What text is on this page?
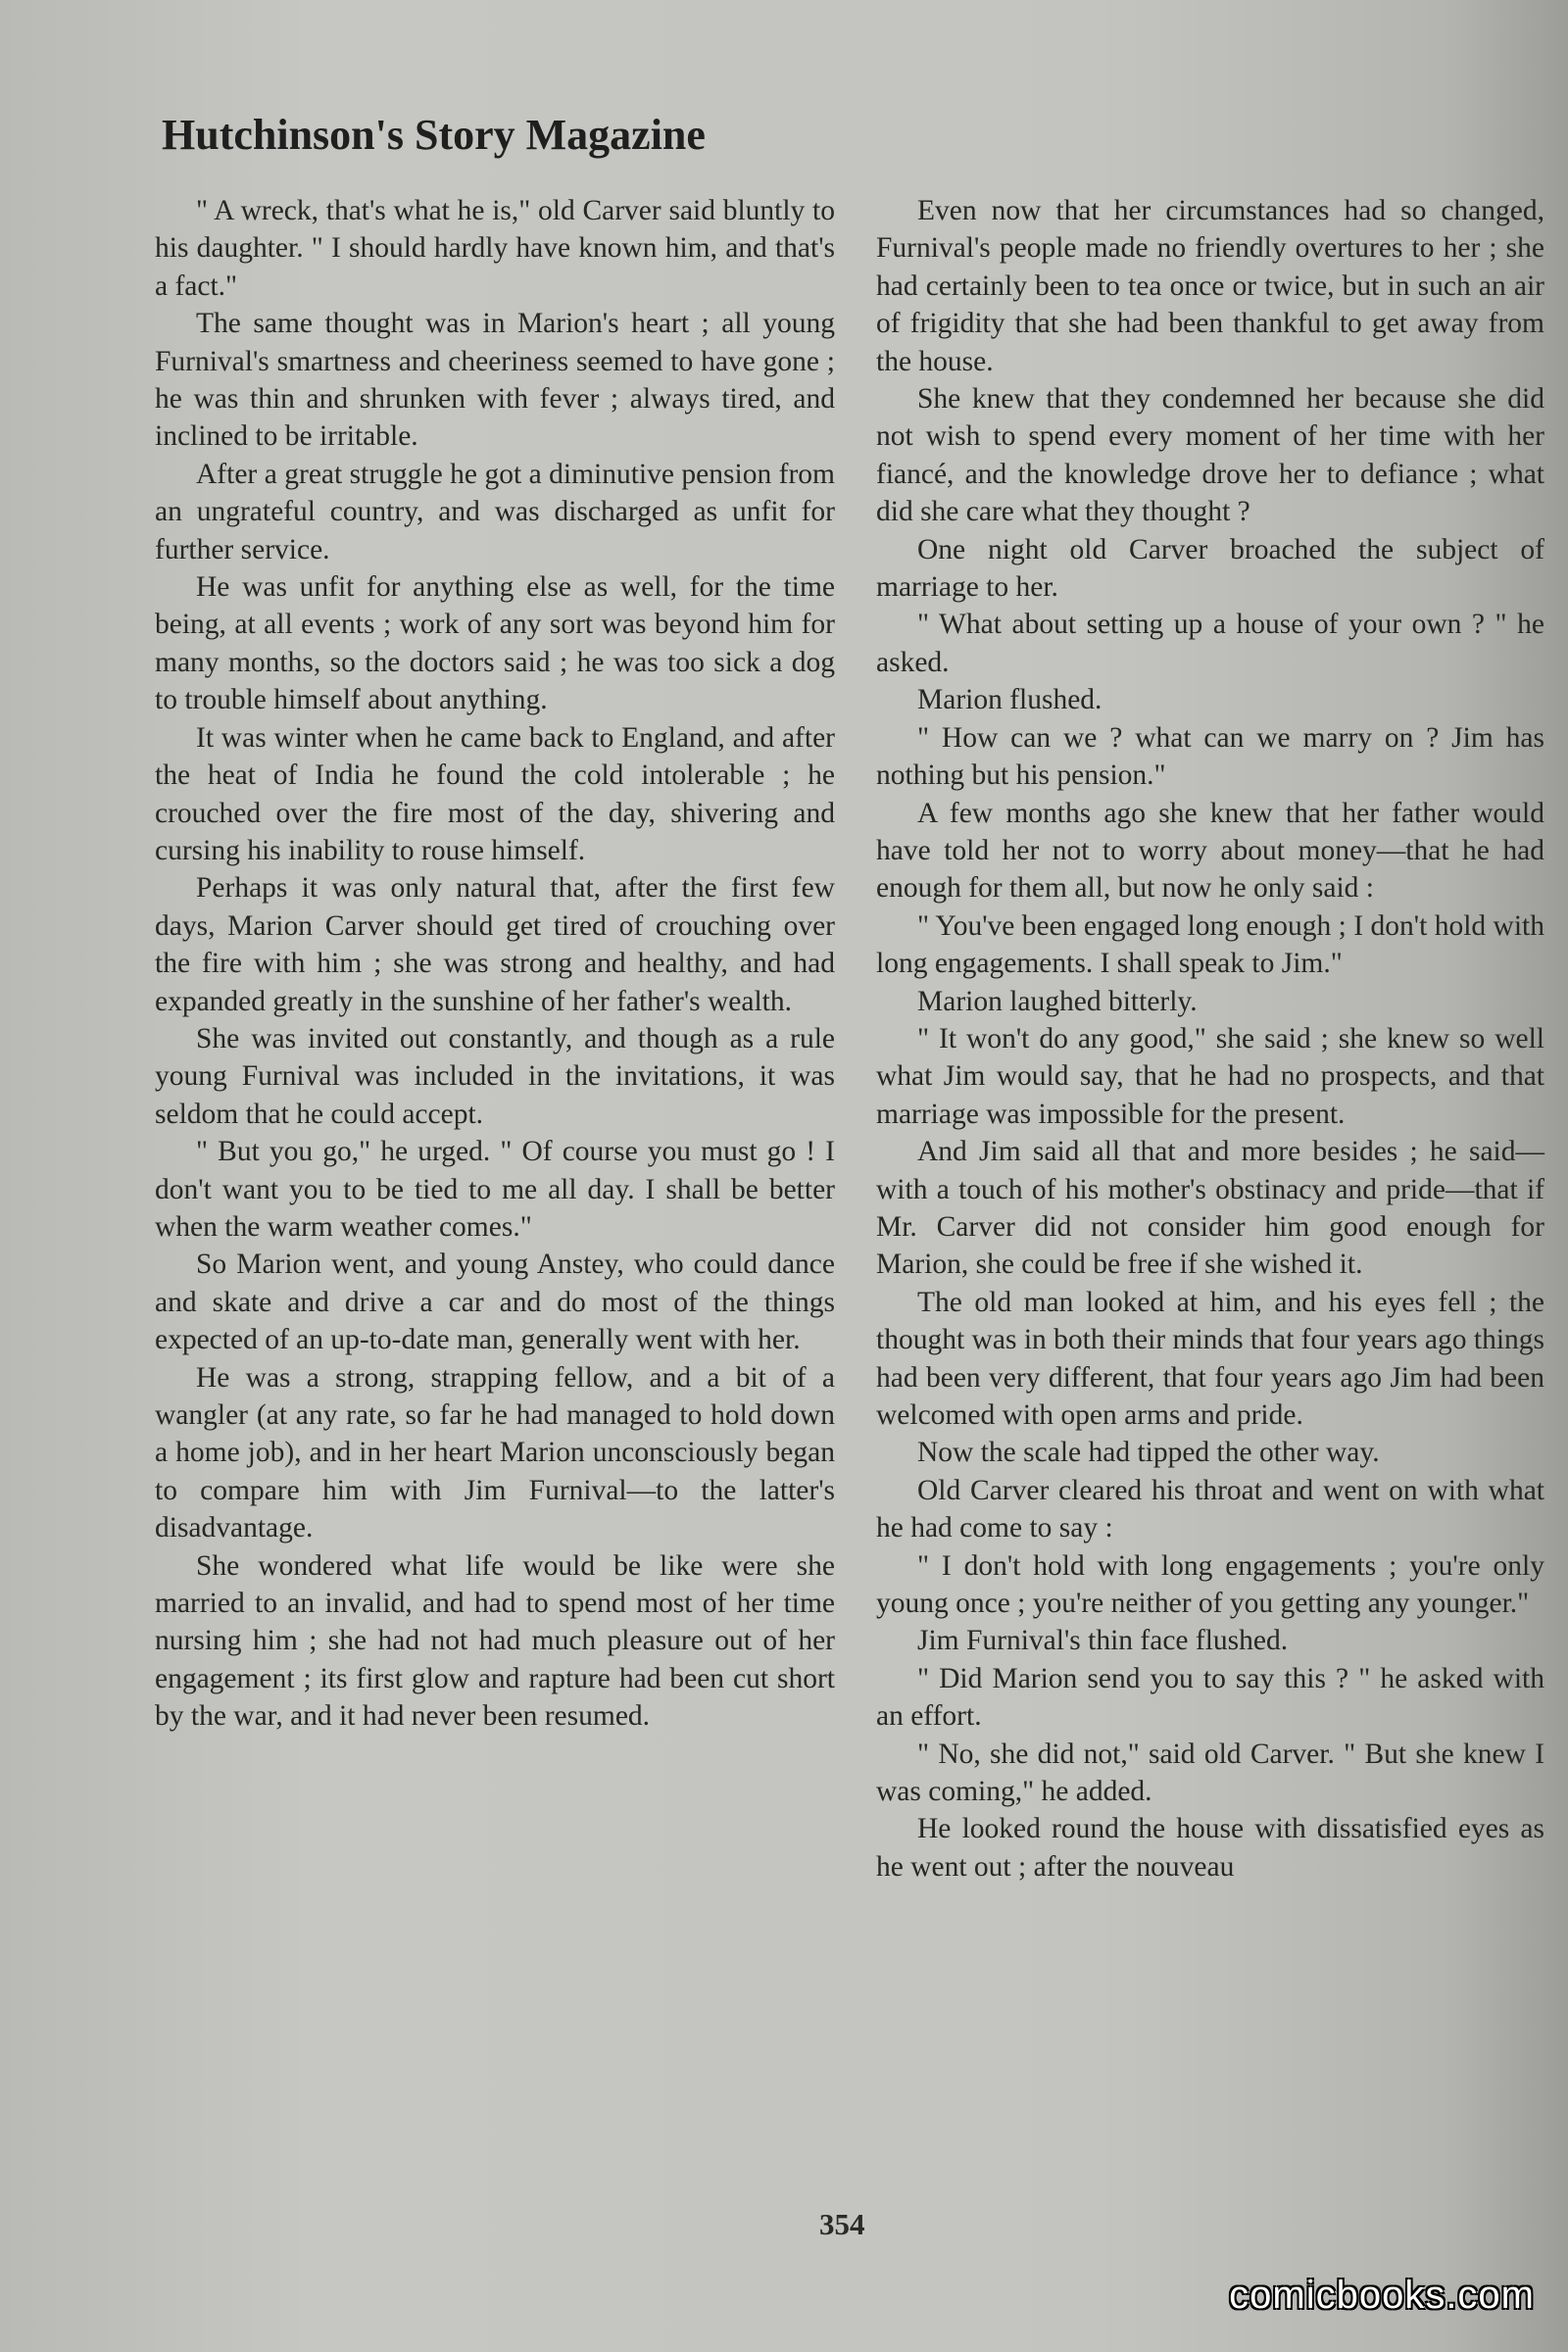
Hutchinson's Story Magazine

" A wreck, that's what he is," old Carver said bluntly to his daughter. " I should hardly have known him, and that's a fact."

The same thought was in Marion's heart ; all young Furnival's smartness and cheeriness seemed to have gone ; he was thin and shrunken with fever ; always tired, and inclined to be irritable.

After a great struggle he got a diminutive pension from an ungrateful country, and was discharged as unfit for further service.

He was unfit for anything else as well, for the time being, at all events ; work of any sort was beyond him for many months, so the doctors said ; he was too sick a dog to trouble himself about anything.

It was winter when he came back to England, and after the heat of India he found the cold intolerable ; he crouched over the fire most of the day, shivering and cursing his inability to rouse himself.

Perhaps it was only natural that, after the first few days, Marion Carver should get tired of crouching over the fire with him ; she was strong and healthy, and had expanded greatly in the sunshine of her father's wealth.

She was invited out constantly, and though as a rule young Furnival was included in the invitations, it was seldom that he could accept.

" But you go," he urged. " Of course you must go ! I don't want you to be tied to me all day. I shall be better when the warm weather comes."

So Marion went, and young Anstey, who could dance and skate and drive a car and do most of the things expected of an up-to-date man, generally went with her.

He was a strong, strapping fellow, and a bit of a wangler (at any rate, so far he had managed to hold down a home job), and in her heart Marion unconsciously began to compare him with Jim Furnival—to the latter's disadvantage.

She wondered what life would be like were she married to an invalid, and had to spend most of her time nursing him ; she had not had much pleasure out of her engagement ; its first glow and rapture had been cut short by the war, and it had never been resumed.

Even now that her circumstances had so changed, Furnival's people made no friendly overtures to her ; she had certainly been to tea once or twice, but in such an air of frigidity that she had been thankful to get away from the house.

She knew that they condemned her because she did not wish to spend every moment of her time with her fiancé, and the knowledge drove her to defiance ; what did she care what they thought ?

One night old Carver broached the subject of marriage to her.

" What about setting up a house of your own ? " he asked.

Marion flushed.

" How can we ? what can we marry on ? Jim has nothing but his pension."

A few months ago she knew that her father would have told her not to worry about money—that he had enough for them all, but now he only said :

" You've been engaged long enough ; I don't hold with long engagements. I shall speak to Jim."

Marion laughed bitterly.

" It won't do any good," she said ; she knew so well what Jim would say, that he had no prospects, and that marriage was impossible for the present.

And Jim said all that and more besides ; he said—with a touch of his mother's obstinacy and pride—that if Mr. Carver did not consider him good enough for Marion, she could be free if she wished it.

The old man looked at him, and his eyes fell ; the thought was in both their minds that four years ago things had been very different, that four years ago Jim had been welcomed with open arms and pride.

Now the scale had tipped the other way.

Old Carver cleared his throat and went on with what he had come to say :

" I don't hold with long engagements ; you're only young once ; you're neither of you getting any younger."

Jim Furnival's thin face flushed.

" Did Marion send you to say this ? " he asked with an effort.

" No, she did not," said old Carver. " But she knew I was coming," he added.

He looked round the house with dissatisfied eyes as he went out ; after the nouveau

354
comicbooks.com
